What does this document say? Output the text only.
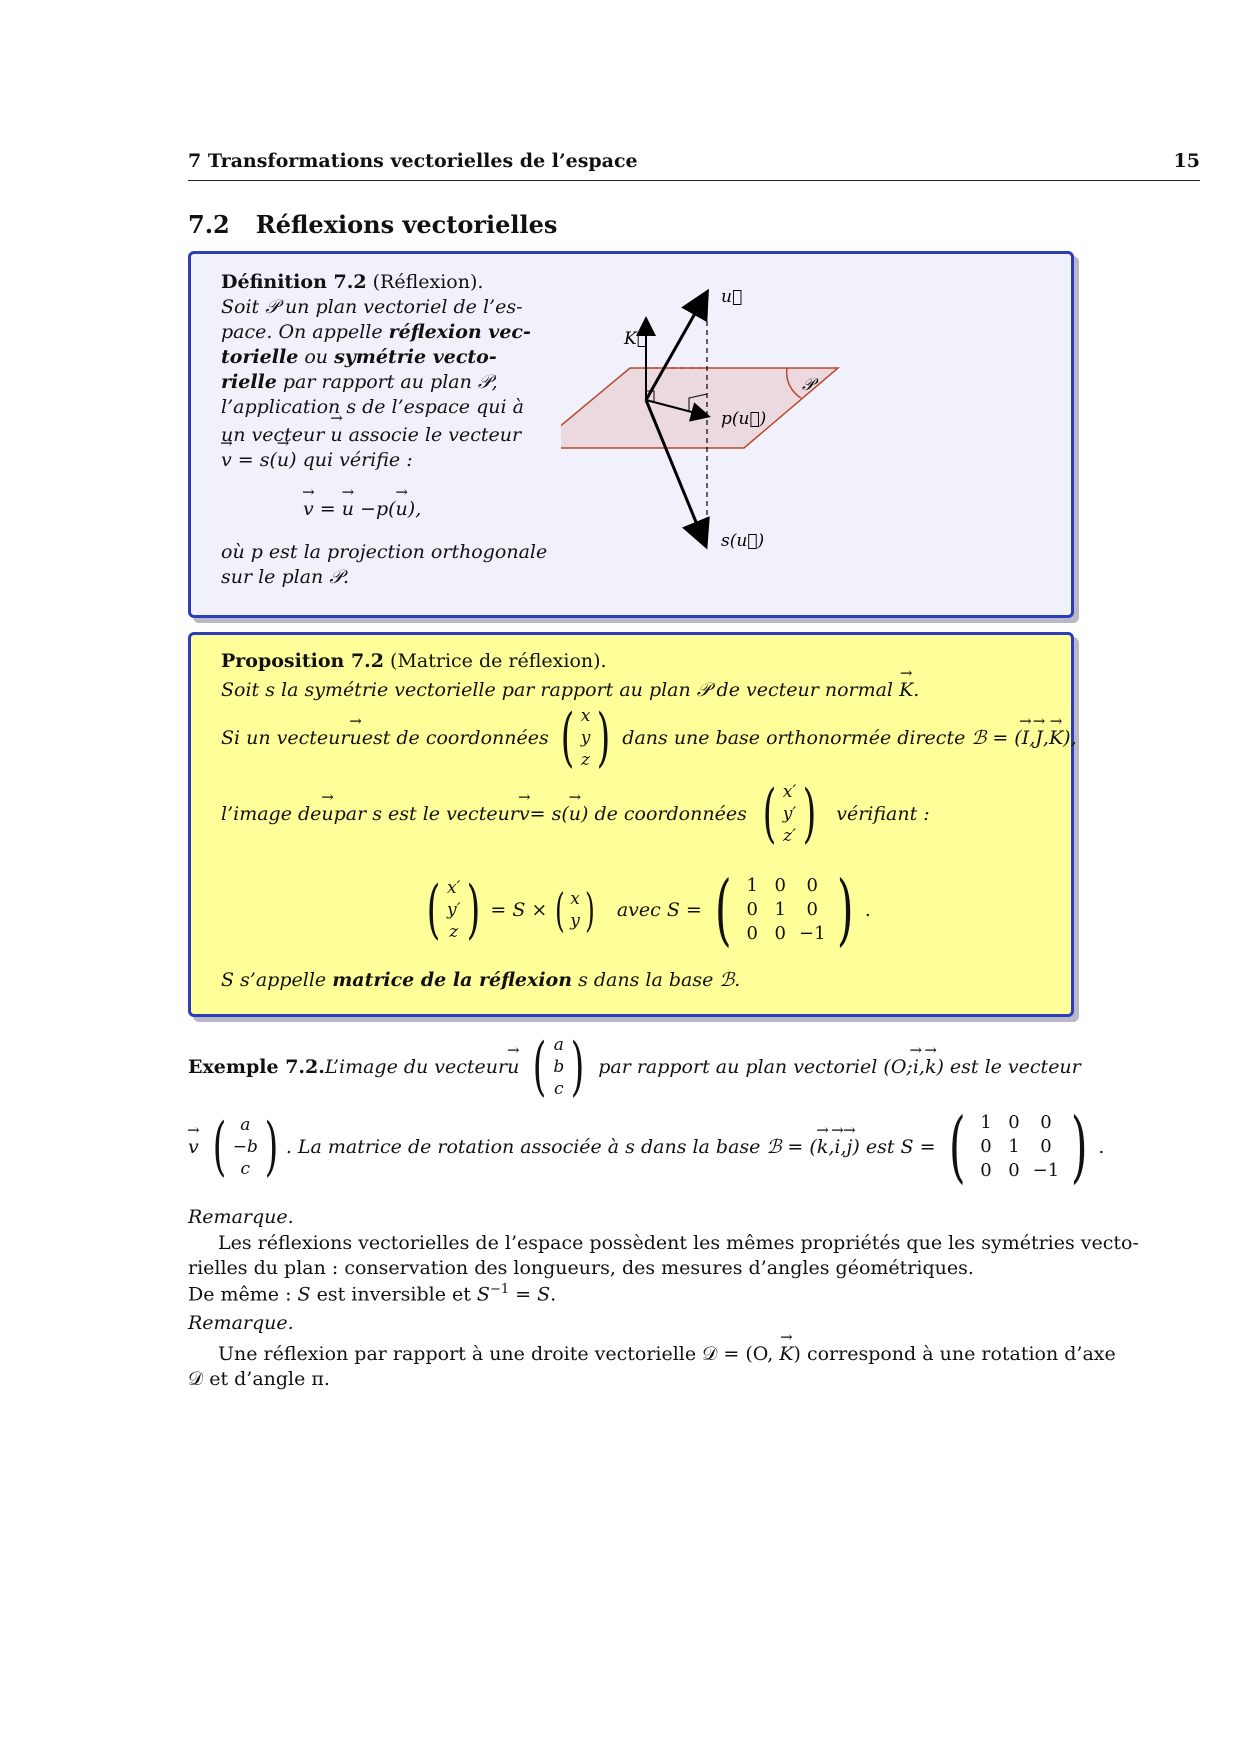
7 Transformations vectorielles de l’espace	15
7.2 Réflexions vectorielles
Définition 7.2 (Réflexion).
Soit 𝒫 un plan vectoriel de l’es-
pace. On appelle réflexion vec-
torielle ou symétrie vecto-
rielle par rapport au plan 𝒫,
l’application s de l’espace qui à
un vecteur → u associe le vecteur
→ v = s(→ u) qui vérifie :
→ v = → u −p(→ u),
où p est la projection orthogonale
sur le plan 𝒫.
u⃗
K⃗
𝒫
p(u⃗)
s(u⃗)
Proposition 7.2 (Matrice de réflexion).
Soit s la symétrie vectorielle par rapport au plan 𝒫 de vecteur normal → K.
Si un vecteur → u est de coordonnées ( x
y
z ) dans une base orthonormée directe ℬ = ( → I , → J , → K ),
l’image de → u par s est le vecteur → v = s( → u ) de coordonnées ( x′
y′
z′ ) vérifiant :
( x′
y′
z ) = S × ( x
y ) avec S = ( 1 0	0
0 1	0
0 0 −1 ) .
S s’appelle matrice de la réflexion s dans la base ℬ.
Exemple 7.2. L’image du vecteur → u ( a
b
c ) par rapport au plan vectoriel (O; → i , → k ) est le vecteur
→ v ( a
−b
c ) . La matrice de rotation associée à s dans la base ℬ = ( → k , → i , → j ) est S = ( 1 0	0
0 1	0
0 0 −1 ) .
Remarque.
Les réflexions vectorielles de l’espace possèdent les mêmes propriétés que les symétries vecto-
rielles du plan : conservation des longueurs, des mesures d’angles géométriques.
De même : S est inversible et $S^{-1} = S$.
Remarque.
Une réflexion par rapport à une droite vectorielle 𝒟 = (O, → K) correspond à une rotation d’axe
𝒟 et d’angle π.
